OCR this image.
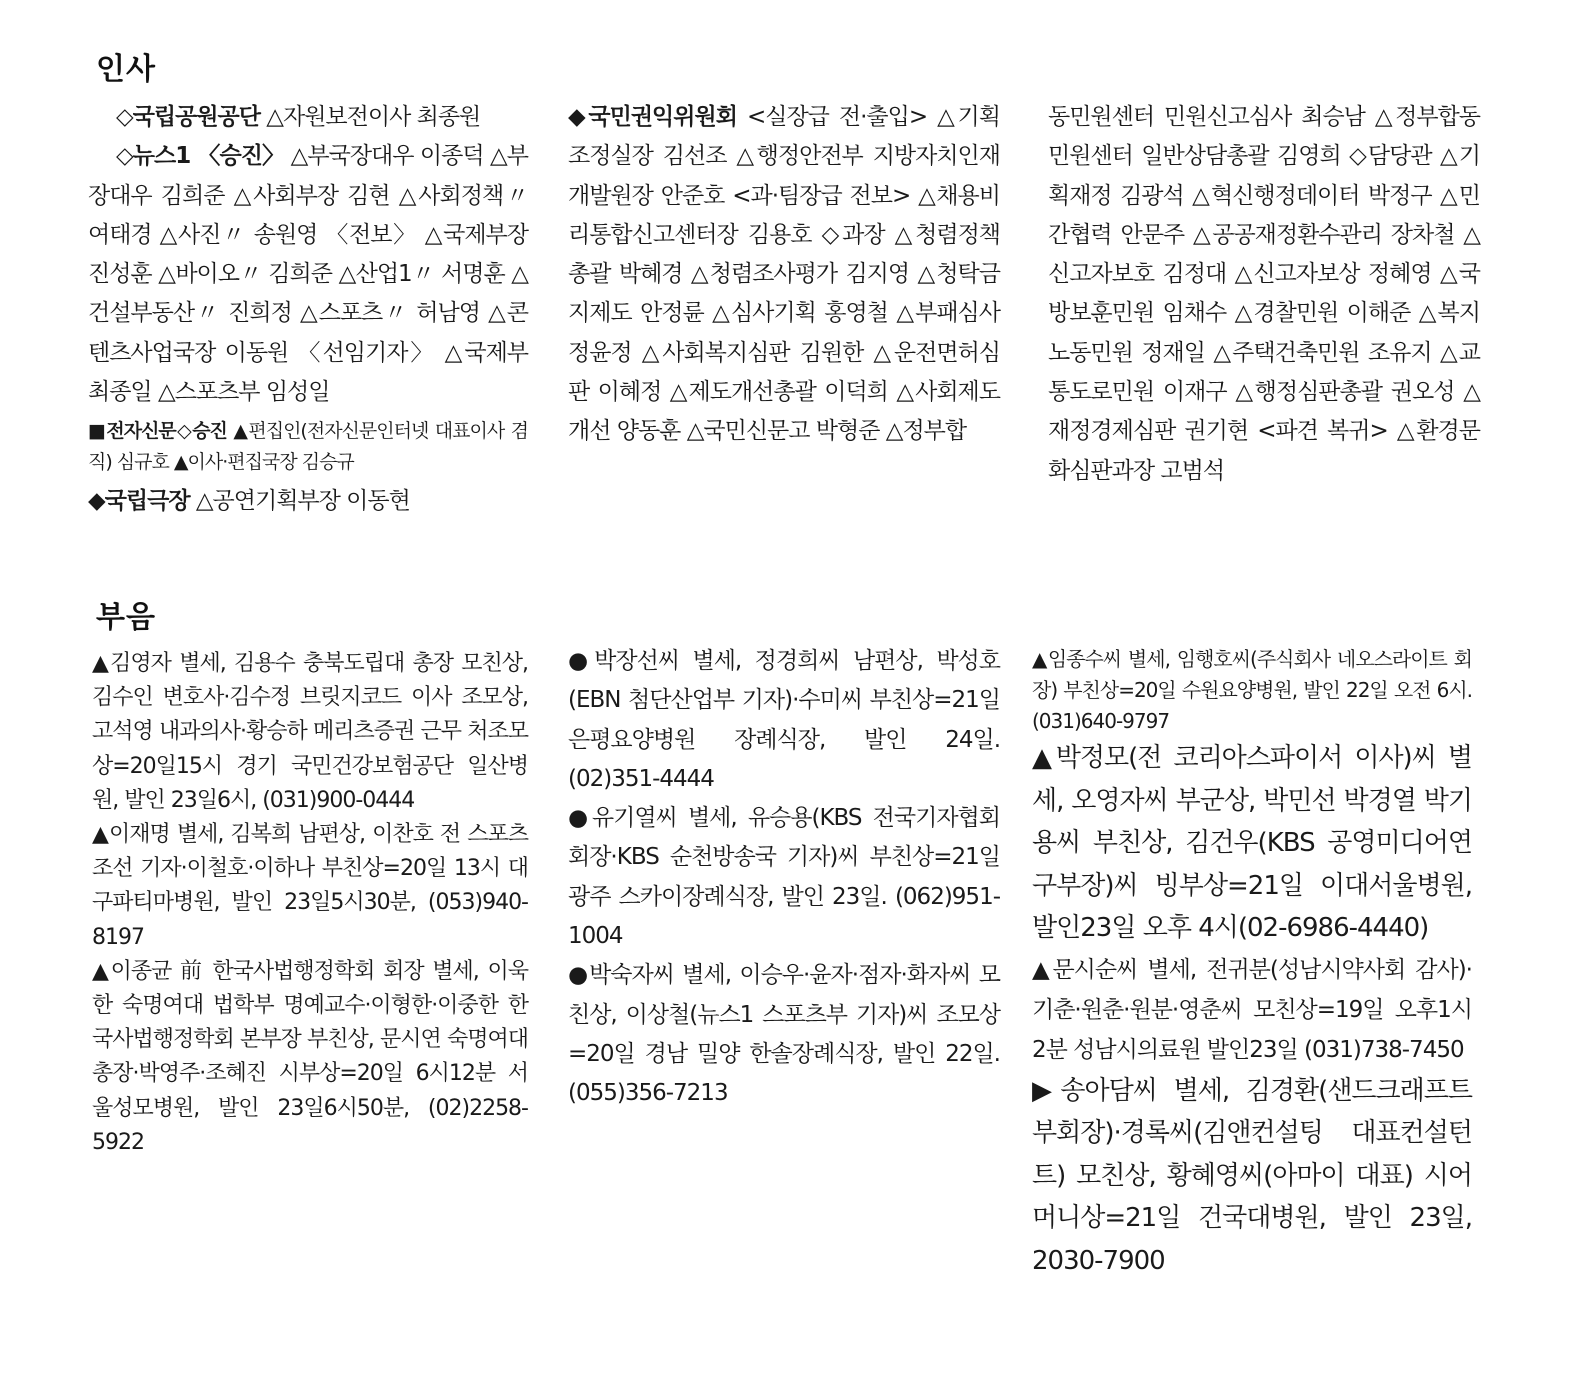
인사

◇국립공원공단 △자원보전이사 최종원

◇뉴스1 〈승진〉 △부국장대우 이종덕 △부장대우 김희준 △사회부장 김현 △사회정책〃 여태경 △사진〃 송원영 〈전보〉 △국제부장 진성훈 △바이오〃 김희준 △산업1〃 서명훈 △건설부동산〃 진희정 △스포츠〃 허남영 △콘텐츠사업국장 이동원 〈선임기자〉 △국제부 최종일 △스포츠부 임성일

■전자신문◇승진 ▲편집인(전자신문인터넷 대표이사 겸직) 심규호 ▲이사·편집국장 김승규

◆국립극장 △공연기획부장 이동현

◆국민권익위원회 <실장급 전·출입> △기획조정실장 김선조 △행정안전부 지방자치인재개발원장 안준호 <과·팀장급 전보> △채용비리통합신고센터장 김용호 ◇과장 △청렴정책총괄 박혜경 △청렴조사평가 김지영 △청탁금지제도 안정륜 △심사기획 홍영철 △부패심사 정윤정 △사회복지심판 김원한 △운전면허심판 이혜정 △제도개선총괄 이덕희 △사회제도개선 양동훈 △국민신문고 박형준 △정부합

동민원센터 민원신고심사 최승남 △정부합동민원센터 일반상담총괄 김영희 ◇담당관 △기획재정 김광석 △혁신행정데이터 박정구 △민간협력 안문주 △공공재정환수관리 장차철 △신고자보호 김정대 △신고자보상 정혜영 △국방보훈민원 임채수 △경찰민원 이해준 △복지노동민원 정재일 △주택건축민원 조유지 △교통도로민원 이재구 △행정심판총괄 권오성 △재정경제심판 권기현 <파견 복귀> △환경문화심판과장 고범석

부음

▲김영자 별세, 김용수 충북도립대 총장 모친상, 김수인 변호사·김수정 브릿지코드 이사 조모상, 고석영 내과의사·황승하 메리츠증권 근무 처조모상=20일15시 경기 국민건강보험공단 일산병원, 발인 23일6시, (031)900-0444

▲이재명 별세, 김복희 남편상, 이찬호 전 스포츠조선 기자·이철호·이하나 부친상=20일 13시 대구파티마병원, 발인 23일5시30분, (053)940-8197

▲이종균 前 한국사법행정학회 회장 별세, 이욱한 숙명여대 법학부 명예교수·이형한·이중한 한국사법행정학회 본부장 부친상, 문시연 숙명여대 총장·박영주·조혜진 시부상=20일 6시12분 서울성모병원, 발인 23일6시50분, (02)2258-5922

●박장선씨 별세, 정경희씨 남편상, 박성호(EBN 첨단산업부 기자)·수미씨 부친상=21일 은평요양병원 장례식장, 발인 24일. (02)351-4444

●유기열씨 별세, 유승용(KBS 전국기자협회 회장·KBS 순천방송국 기자)씨 부친상=21일 광주 스카이장례식장, 발인 23일. (062)951-1004

●박숙자씨 별세, 이승우·윤자·점자·화자씨 모친상, 이상철(뉴스1 스포츠부 기자)씨 조모상=20일 경남 밀양 한솔장례식장, 발인 22일. (055)356-7213

▲임종수씨 별세, 임행호씨(주식회사 네오스라이트 회장) 부친상=20일 수원요양병원, 발인 22일 오전 6시. (031)640-9797

▲박정모(전 코리아스파이서 이사)씨 별세, 오영자씨 부군상, 박민선 박경열 박기용씨 부친상, 김건우(KBS 공영미디어연구부장)씨 빙부상=21일 이대서울병원, 발인23일 오후 4시(02-6986-4440)

▲문시순씨 별세, 전귀분(성남시약사회 감사)·기춘·원춘·원분·영춘씨 모친상=19일 오후1시2분 성남시의료원 발인23일 (031)738-7450

▶송아담씨 별세, 김경환(샌드크래프트 부회장)·경록씨(김앤컨설팅 대표컨설턴트) 모친상, 황혜영씨(아마이 대표) 시어머니상=21일 건국대병원, 발인 23일, 2030-7900
